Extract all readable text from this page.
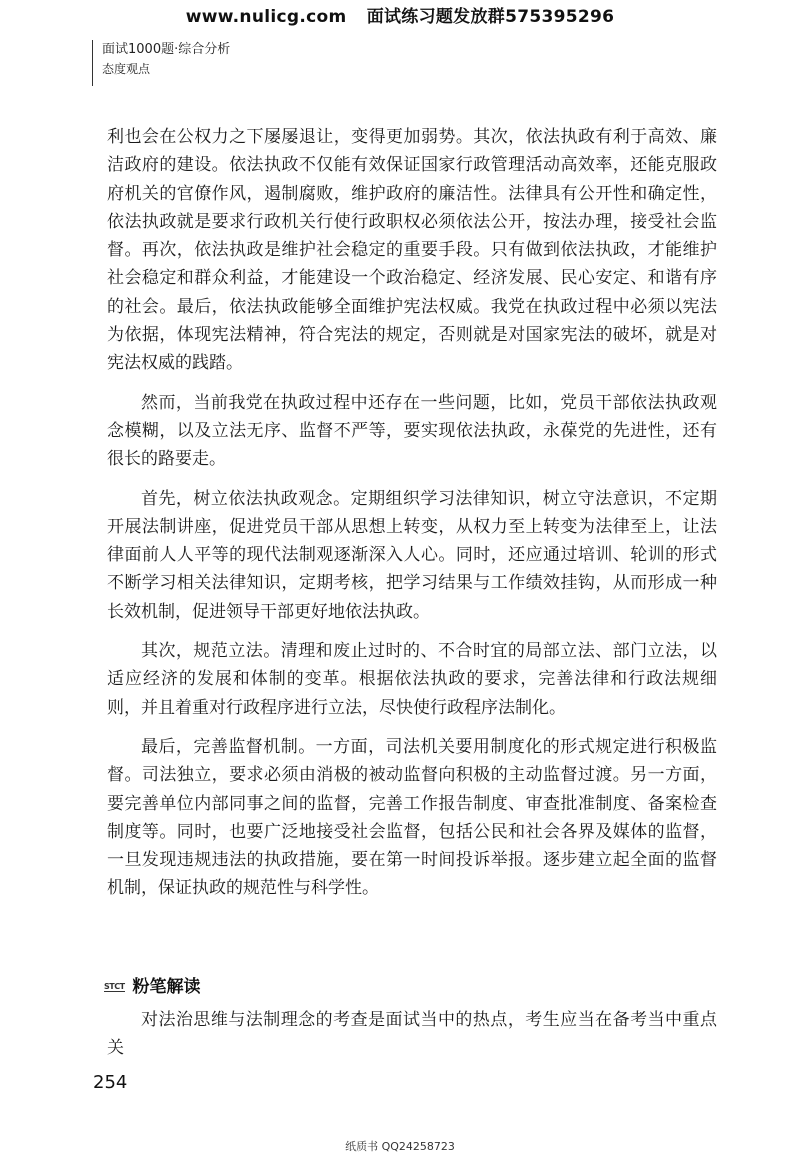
www.nulicg.com 面试练习题发放群575395296
面试1000题·综合分析
态度观点

利也会在公权力之下屡屡退让，变得更加弱势。其次，依法执政有利于高效、廉洁政府的建设。依法执政不仅能有效保证国家行政管理活动高效率，还能克服政府机关的官僚作风，遏制腐败，维护政府的廉洁性。法律具有公开性和确定性，依法执政就是要求行政机关行使行政职权必须依法公开，按法办理，接受社会监督。再次，依法执政是维护社会稳定的重要手段。只有做到依法执政，才能维护社会稳定和群众利益，才能建设一个政治稳定、经济发展、民心安定、和谐有序的社会。最后，依法执政能够全面维护宪法权威。我党在执政过程中必须以宪法为依据，体现宪法精神，符合宪法的规定，否则就是对国家宪法的破坏，就是对宪法权威的践踏。

然而，当前我党在执政过程中还存在一些问题，比如，党员干部依法执政观念模糊，以及立法无序、监督不严等，要实现依法执政，永葆党的先进性，还有很长的路要走。

首先，树立依法执政观念。定期组织学习法律知识，树立守法意识，不定期开展法制讲座，促进党员干部从思想上转变，从权力至上转变为法律至上，让法律面前人人平等的现代法制观逐渐深入人心。同时，还应通过培训、轮训的形式不断学习相关法律知识，定期考核，把学习结果与工作绩效挂钩，从而形成一种长效机制，促进领导干部更好地依法执政。

其次，规范立法。清理和废止过时的、不合时宜的局部立法、部门立法，以适应经济的发展和体制的变革。根据依法执政的要求，完善法律和行政法规细则，并且着重对行政程序进行立法，尽快使行政程序法制化。

最后，完善监督机制。一方面，司法机关要用制度化的形式规定进行积极监督。司法独立，要求必须由消极的被动监督向积极的主动监督过渡。另一方面，要完善单位内部同事之间的监督，完善工作报告制度、审查批准制度、备案检查制度等。同时，也要广泛地接受社会监督，包括公民和社会各界及媒体的监督，一旦发现违规违法的执政措施，要在第一时间投诉举报。逐步建立起全面的监督机制，保证执政的规范性与科学性。

STCT 粉笔解读

对法治思维与法制理念的考查是面试当中的热点，考生应当在备考当中重点关

254
纸质书 QQ24258723
